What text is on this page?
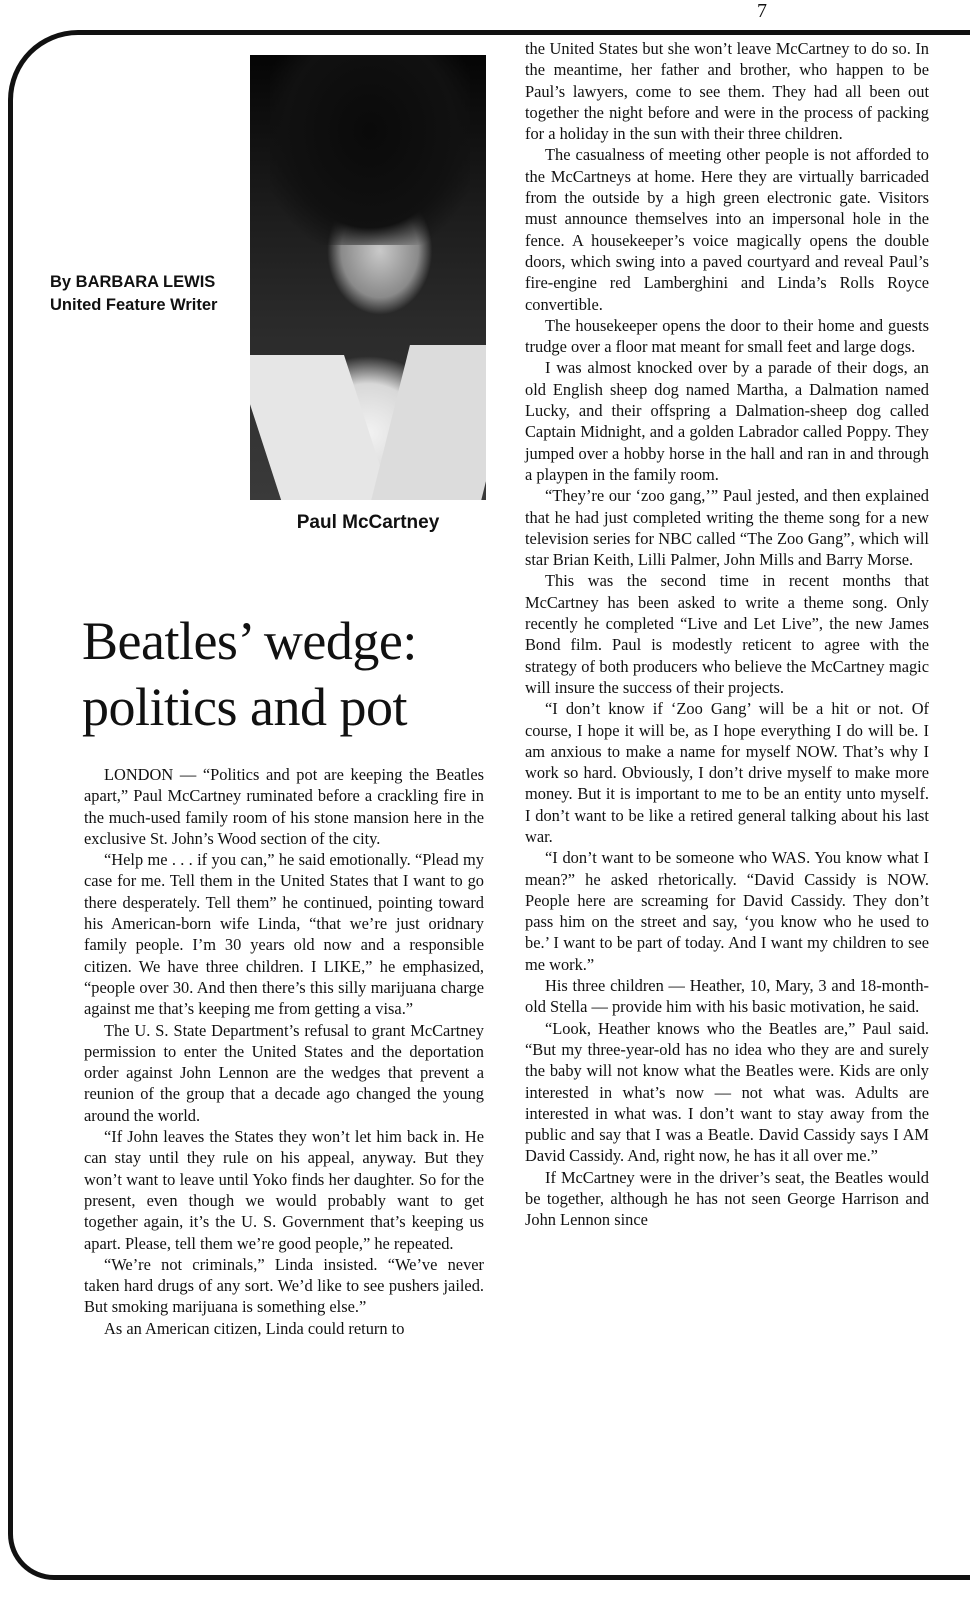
7
Paul McCartney
By BARBARA LEWIS
United Feature Writer
Beatles’ wedge:
politics and pot

LONDON — “Politics and pot are keeping the Beatles apart,” Paul McCartney ruminated before a crackling fire in the much-used family room of his stone mansion here in the exclusive St. John’s Wood section of the city.

“Help me . . . if you can,” he said emotionally. “Plead my case for me. Tell them in the United States that I want to go there desperately. Tell them” he continued, pointing toward his American-born wife Linda, “that we’re just oridnary family people. I’m 30 years old now and a responsible citizen. We have three children. I LIKE,” he emphasized, “people over 30. And then there’s this silly marijuana charge against me that’s keeping me from getting a visa.”

The U. S. State Department’s refusal to grant McCartney permission to enter the United States and the deportation order against John Lennon are the wedges that prevent a reunion of the group that a decade ago changed the young around the world.

“If John leaves the States they won’t let him back in. He can stay until they rule on his appeal, anyway. But they won’t want to leave until Yoko finds her daughter. So for the present, even though we would probably want to get together again, it’s the U. S. Government that’s keeping us apart. Please, tell them we’re good people,” he repeated.

“We’re not criminals,” Linda insisted. “We’ve never taken hard drugs of any sort. We’d like to see pushers jailed. But smoking marijuana is something else.”

As an American citizen, Linda could return to

the United States but she won’t leave McCartney to do so. In the meantime, her father and brother, who happen to be Paul’s lawyers, come to see them. They had all been out together the night before and were in the process of packing for a holiday in the sun with their three children.

The casualness of meeting other people is not afforded to the McCartneys at home. Here they are virtually barricaded from the outside by a high green electronic gate. Visitors must announce themselves into an impersonal hole in the fence. A housekeeper’s voice magically opens the double doors, which swing into a paved courtyard and reveal Paul’s fire-engine red Lamberghini and Linda’s Rolls Royce convertible.

The housekeeper opens the door to their home and guests trudge over a floor mat meant for small feet and large dogs.

I was almost knocked over by a parade of their dogs, an old English sheep dog named Martha, a Dalmation named Lucky, and their offspring a Dalmation-sheep dog called Captain Midnight, and a golden Labrador called Poppy. They jumped over a hobby horse in the hall and ran in and through a playpen in the family room.

“They’re our ‘zoo gang,’” Paul jested, and then explained that he had just completed writing the theme song for a new television series for NBC called “The Zoo Gang”, which will star Brian Keith, Lilli Palmer, John Mills and Barry Morse.

This was the second time in recent months that McCartney has been asked to write a theme song. Only recently he completed “Live and Let Live”, the new James Bond film. Paul is modestly reticent to agree with the strategy of both producers who believe the McCartney magic will insure the success of their projects.

“I don’t know if ‘Zoo Gang’ will be a hit or not. Of course, I hope it will be, as I hope everything I do will be. I am anxious to make a name for myself NOW. That’s why I work so hard. Obviously, I don’t drive myself to make more money. But it is important to me to be an entity unto myself. I don’t want to be like a retired general talking about his last war.

“I don’t want to be someone who WAS. You know what I mean?” he asked rhetorically. “David Cassidy is NOW. People here are screaming for David Cassidy. They don’t pass him on the street and say, ‘you know who he used to be.’ I want to be part of today. And I want my children to see me work.”

His three children — Heather, 10, Mary, 3 and 18-month-old Stella — provide him with his basic motivation, he said.

“Look, Heather knows who the Beatles are,” Paul said. “But my three-year-old has no idea who they are and surely the baby will not know what the Beatles were. Kids are only interested in what’s now — not what was. Adults are interested in what was. I don’t want to stay away from the public and say that I was a Beatle. David Cassidy says I AM David Cassidy. And, right now, he has it all over me.”

If McCartney were in the driver’s seat, the Beatles would be together, although he has not seen George Harrison and John Lennon since
